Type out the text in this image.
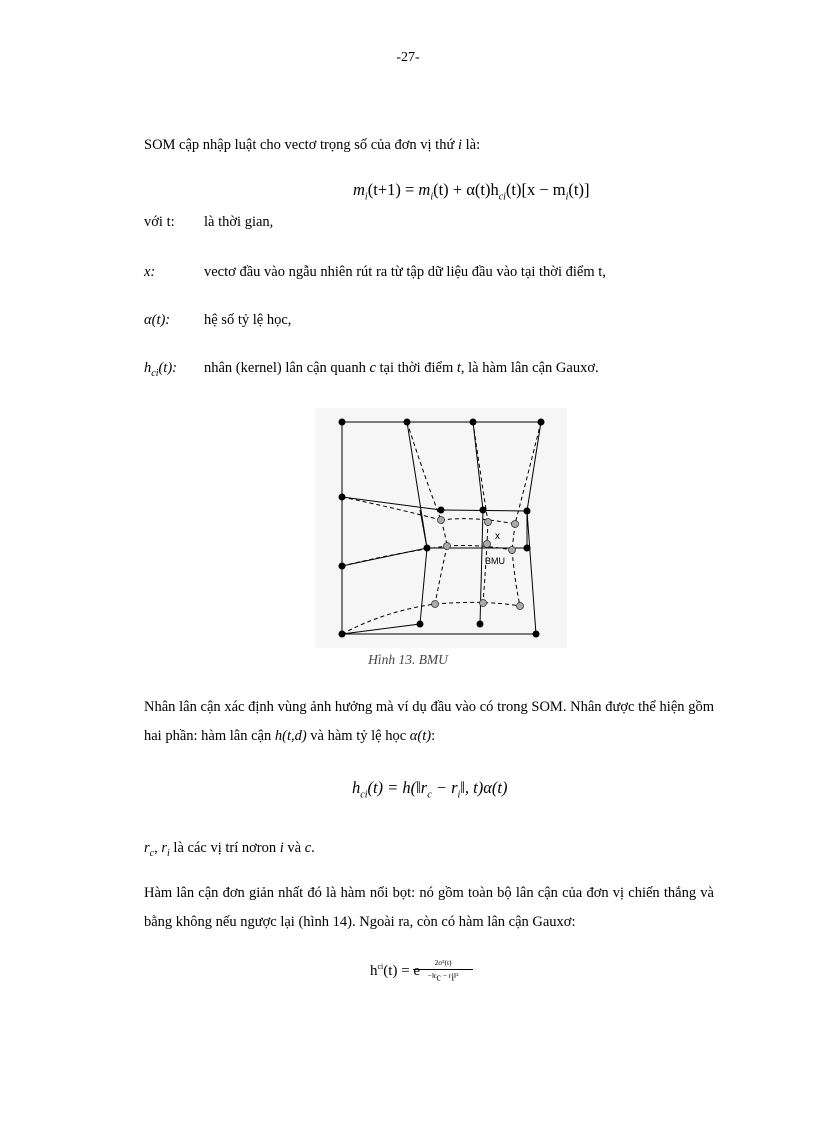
-27-
SOM cập nhập luật cho vectơ trọng số của đơn vị thứ i là:
$m_i(t+1) = m_i(t) + \alpha(t)h_{ci}(t)[x - m_i(t)]$
với t: là thời gian,
x:	vectơ đầu vào ngẫu nhiên rút ra từ tập dữ liệu đầu vào tại thời điểm t,
α(t): hệ số tỷ lệ học,
$h_{ci}(t)$: nhân (kernel) lân cận quanh c tại thời điểm t, là hàm lân cận Gauxơ.
x
BMU
Hình 13. BMU

Nhân lân cận xác định vùng ảnh hưởng mà ví dụ đầu vào có trong SOM. Nhân được thể hiện gồm hai phần: hàm lân cận h(t,d) và hàm tỷ lệ học α(t):

$h_{ci}(t)$ = $h(‖r_c$ − $r_i‖$, t)α(t)
$r_c$, $r_i$ là các vị trí nơron i và c.

Hàm lân cận đơn giản nhất đó là hàm nổi bọt: nó gồm toàn bộ lân cận của đơn vị chiến thắng và bằng không nếu ngược lại (hình 14). Ngoài ra, còn có hàm lân cận Gauxơ:

$h^{ci}(t) = e$
2σ²(t)
$-‖r_c$ − $r_i‖^2$
